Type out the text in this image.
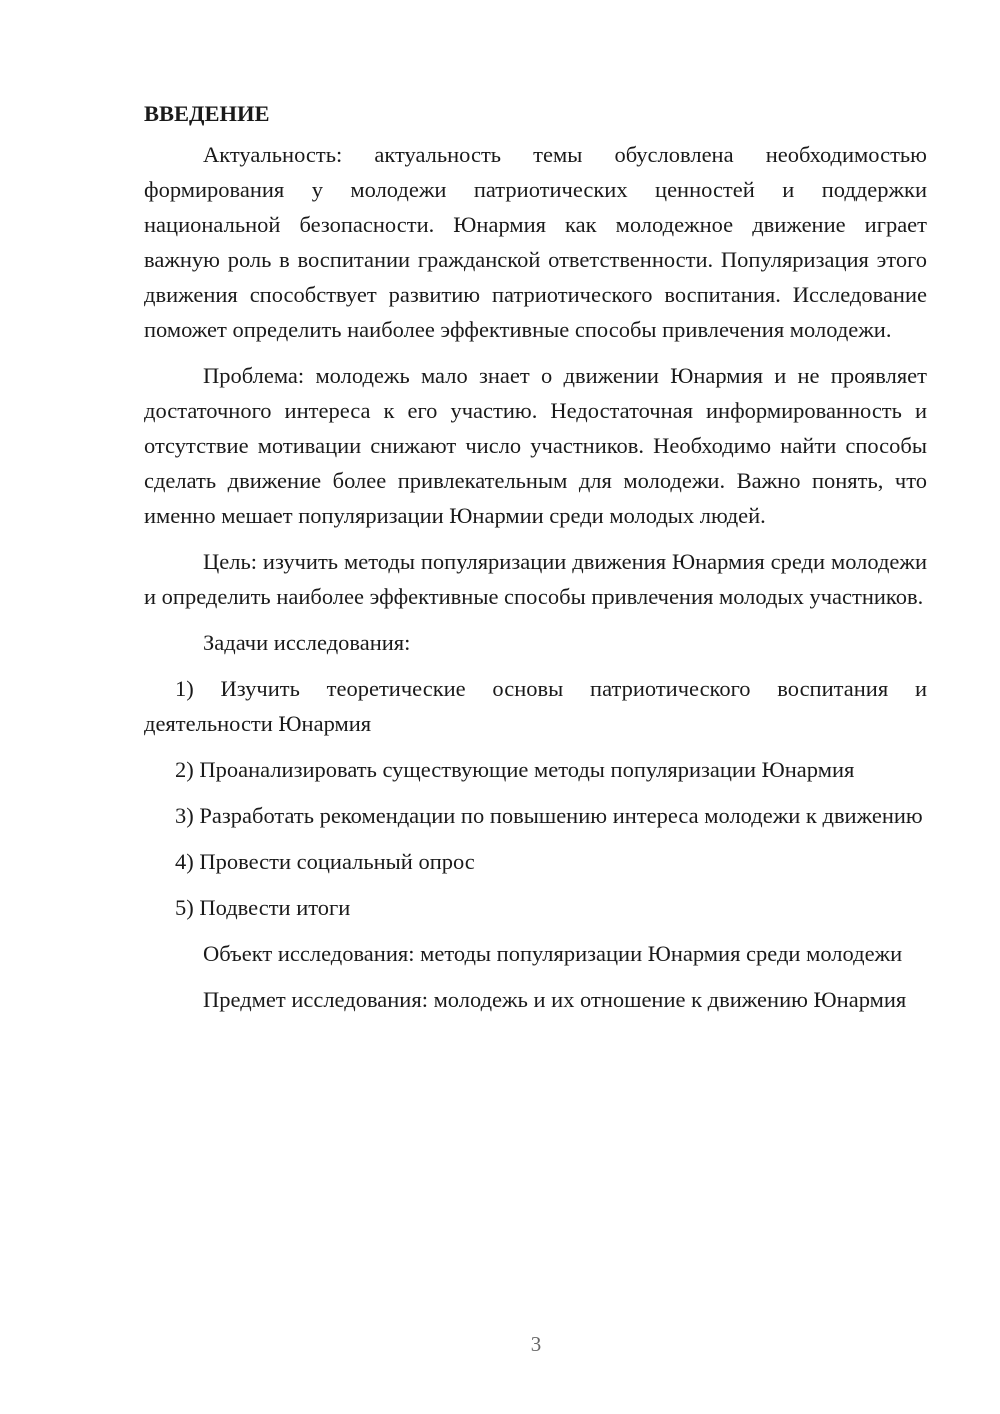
ВВЕДЕНИЕ

Актуальность: актуальность темы обусловлена необходимостью формирования у молодежи патриотических ценностей и поддержки национальной безопасности. Юнармия как молодежное движение играет важную роль в воспитании гражданской ответственности. Популяризация этого движения способствует развитию патриотического воспитания. Исследование поможет определить наиболее эффективные способы привлечения молодежи.

Проблема: молодежь мало знает о движении Юнармия и не проявляет достаточного интереса к его участию. Недостаточная информированность и отсутствие мотивации снижают число участников. Необходимо найти способы сделать движение более привлекательным для молодежи. Важно понять, что именно мешает популяризации Юнармии среди молодых людей.

Цель: изучить методы популяризации движения Юнармия среди молодежи и определить наиболее эффективные способы привлечения молодых участников.

Задачи исследования:

1) Изучить теоретические основы патриотического воспитания и деятельности Юнармия

2) Проанализировать существующие методы популяризации Юнармия

3) Разработать рекомендации по повышению интереса молодежи к движению

4) Провести социальный опрос

5) Подвести итоги

Объект исследования: методы популяризации Юнармия среди молодежи

Предмет исследования: молодежь и их отношение к движению Юнармия

3
